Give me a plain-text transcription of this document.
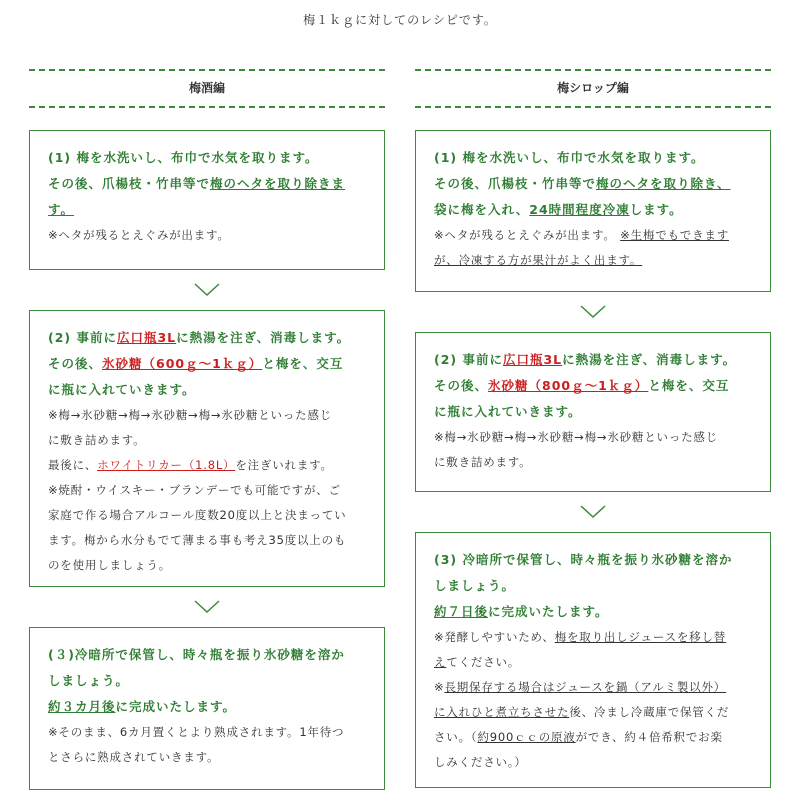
梅１ｋｇに対してのレシピです。
梅酒編
(1) 梅を水洗いし、布巾で水気を取ります。
その後、爪楊枝・竹串等で梅のヘタを取り除きま
す。
※ヘタが残るとえぐみが出ます。
(2) 事前に広口瓶3Lに熱湯を注ぎ、消毒します。
その後、氷砂糖（600ｇ〜1ｋｇ）と梅を、交互
に瓶に入れていきます。
※梅→氷砂糖→梅→氷砂糖→梅→氷砂糖といった感じ
に敷き詰めます。
最後に、ホワイトリカー（1.8L）を注ぎいれます。
※焼酎・ウイスキー・ブランデーでも可能ですが、ご
家庭で作る場合アルコール度数20度以上と決まってい
ます。梅から水分もでて薄まる事も考え35度以上のも
のを使用しましょう。
(３)冷暗所で保管し、時々瓶を振り氷砂糖を溶か
しましょう。
約３カ月後に完成いたします。
※そのまま、6カ月置くとより熟成されます。1年待つ
とさらに熟成されていきます。
梅シロップ編
(1) 梅を水洗いし、布巾で水気を取ります。
その後、爪楊枝・竹串等で梅のヘタを取り除き、
袋に梅を入れ、24時間程度冷凍します。
※ヘタが残るとえぐみが出ます。 ※生梅でもできます
が、冷凍する方が果汁がよく出ます。
(2) 事前に広口瓶3Lに熱湯を注ぎ、消毒します。
その後、氷砂糖（800ｇ〜1ｋｇ）と梅を、交互
に瓶に入れていきます。
※梅→氷砂糖→梅→氷砂糖→梅→氷砂糖といった感じ
に敷き詰めます。
(3) 冷暗所で保管し、時々瓶を振り氷砂糖を溶か
しましょう。
約７日後に完成いたします。
※発酵しやすいため、梅を取り出しジュースを移し替
えてください。
※長期保存する場合はジュースを鍋（アルミ製以外）
に入れひと煮立ちさせた後、冷まし冷蔵庫で保管くだ
さい。（約900ｃｃの原液ができ、約４倍希釈でお楽
しみください。）
